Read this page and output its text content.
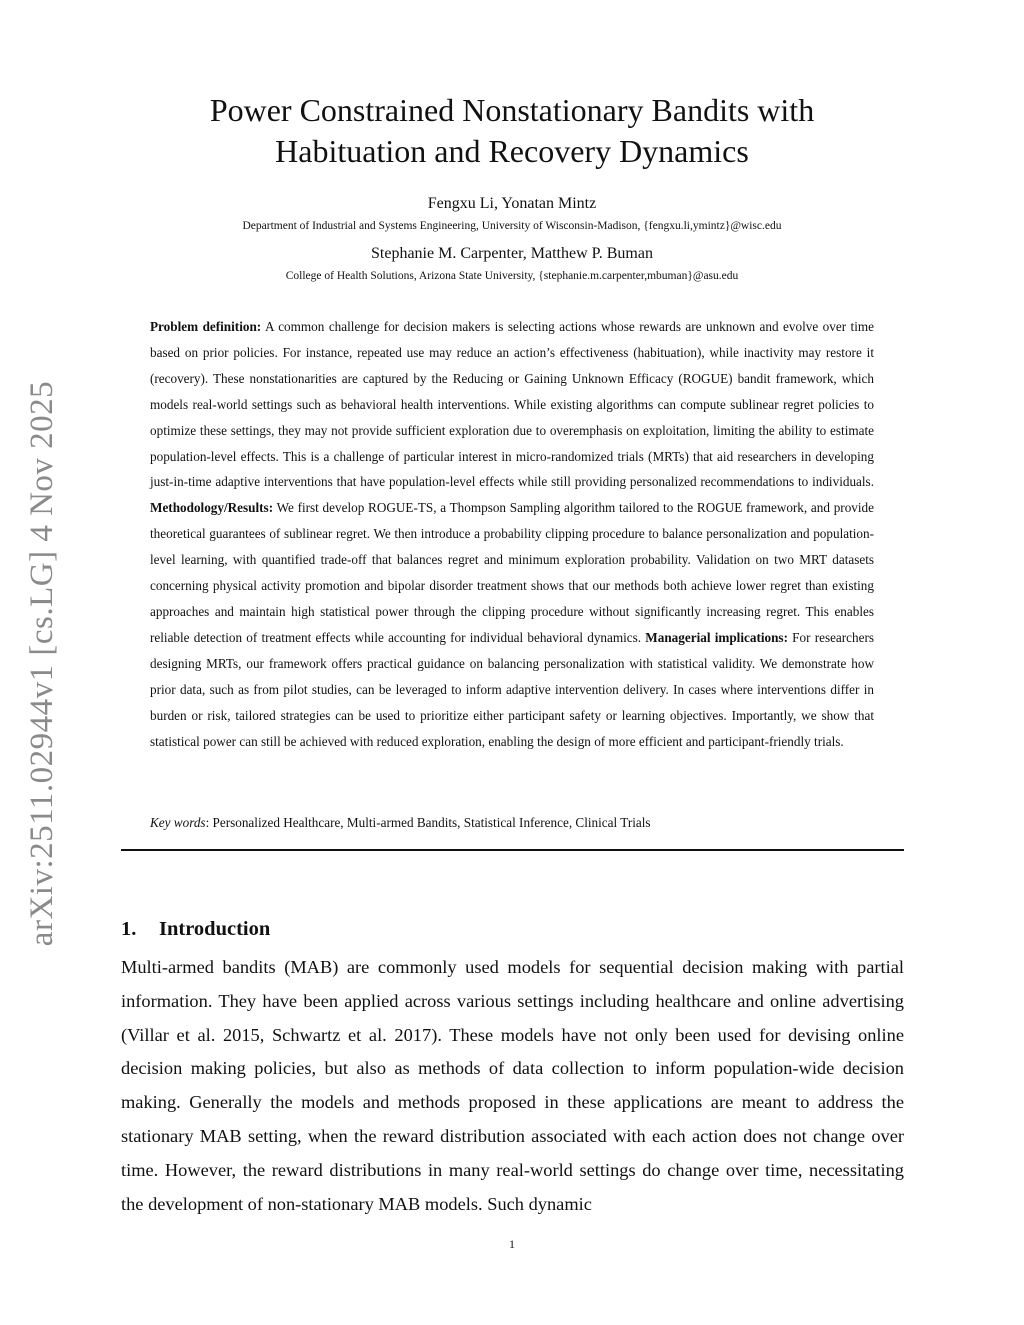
arXiv:2511.02944v1 [cs.LG] 4 Nov 2025
Power Constrained Nonstationary Bandits with
Habituation and Recovery Dynamics
Fengxu Li, Yonatan Mintz
Department of Industrial and Systems Engineering, University of Wisconsin-Madison, {fengxu.li,ymintz}@wisc.edu
Stephanie M. Carpenter, Matthew P. Buman
College of Health Solutions, Arizona State University, {stephanie.m.carpenter,mbuman}@asu.edu

Problem definition: A common challenge for decision makers is selecting actions whose rewards are unknown and evolve over time based on prior policies. For instance, repeated use may reduce an action’s effectiveness (habituation), while inactivity may restore it (recovery). These nonstationarities are captured by the Reducing or Gaining Unknown Efficacy (ROGUE) bandit framework, which models real-world settings such as behavioral health interventions. While existing algorithms can compute sublinear regret policies to optimize these settings, they may not provide sufficient exploration due to overemphasis on exploitation, limiting the ability to estimate population-level effects. This is a challenge of particular interest in micro-randomized trials (MRTs) that aid researchers in developing just-in-time adaptive interventions that have population-level effects while still providing personalized recommendations to individuals. Methodology/Results: We first develop ROGUE-TS, a Thompson Sampling algorithm tailored to the ROGUE framework, and provide theoretical guarantees of sublinear regret. We then introduce a probability clipping procedure to balance personalization and population-level learning, with quantified trade-off that balances regret and minimum exploration probability. Validation on two MRT datasets concerning physical activity promotion and bipolar disorder treatment shows that our methods both achieve lower regret than existing approaches and maintain high statistical power through the clipping procedure without significantly increasing regret. This enables reliable detection of treatment effects while accounting for individual behavioral dynamics. Managerial implications: For researchers designing MRTs, our framework offers practical guidance on balancing personalization with statistical validity. We demonstrate how prior data, such as from pilot studies, can be leveraged to inform adaptive intervention delivery. In cases where interventions differ in burden or risk, tailored strategies can be used to prioritize either participant safety or learning objectives. Importantly, we show that statistical power can still be achieved with reduced exploration, enabling the design of more efficient and participant-friendly trials.

Key words: Personalized Healthcare, Multi-armed Bandits, Statistical Inference, Clinical Trials
1. Introduction

Multi-armed bandits (MAB) are commonly used models for sequential decision making with partial information. They have been applied across various settings including healthcare and online advertising (Villar et al. 2015, Schwartz et al. 2017). These models have not only been used for devising online decision making policies, but also as methods of data collection to inform population-wide decision making. Generally the models and methods proposed in these applications are meant to address the stationary MAB setting, when the reward distribution associated with each action does not change over time. However, the reward distributions in many real-world settings do change over time, necessitating the development of non-stationary MAB models. Such dynamic

1
